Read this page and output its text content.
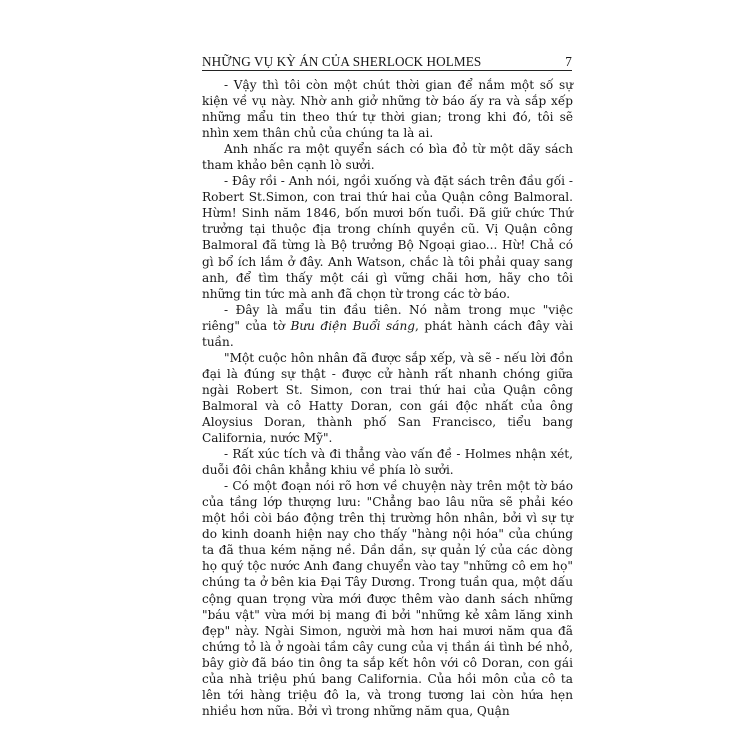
NHỮNG VỤ KỲ ÁN CỦA SHERLOCK HOLMES	7

- Vậy thì tôi còn một chút thời gian để nắm một số sự kiện về vụ này. Nhờ anh giở những tờ báo ấy ra và sắp xếp những mẩu tin theo thứ tự thời gian; trong khi đó, tôi sẽ nhìn xem thân chủ của chúng ta là ai.

Anh nhấc ra một quyển sách có bìa đỏ từ một dãy sách tham khảo bên cạnh lò sưởi.

- Đây rồi - Anh nói, ngồi xuống và đặt sách trên đầu gối - Robert St.Simon, con trai thứ hai của Quận công Balmoral. Hừm! Sinh năm 1846, bốn mươi bốn tuổi. Đã giữ chức Thứ trưởng tại thuộc địa trong chính quyền cũ. Vị Quận công Balmoral đã từng là Bộ trưởng Bộ Ngoại giao... Hừ! Chả có gì bổ ích lắm ở đây. Anh Watson, chắc là tôi phải quay sang anh, để tìm thấy một cái gì vững chãi hơn, hãy cho tôi những tin tức mà anh đã chọn từ trong các tờ báo.

- Đây là mẩu tin đầu tiên. Nó nằm trong mục "việc riêng" của tờ Bưu điện Buổi sáng, phát hành cách đây vài tuần.

"Một cuộc hôn nhân đã được sắp xếp, và sẽ - nếu lời đồn đại là đúng sự thật - được cử hành rất nhanh chóng giữa ngài Robert St. Simon, con trai thứ hai của Quận công Balmoral và cô Hatty Doran, con gái độc nhất của ông Aloysius Doran, thành phố San Francisco, tiểu bang California, nước Mỹ".

- Rất xúc tích và đi thẳng vào vấn đề - Holmes nhận xét, duỗi đôi chân khẳng khiu về phía lò sưởi.

- Có một đoạn nói rõ hơn về chuyện này trên một tờ báo của tầng lớp thượng lưu: "Chẳng bao lâu nữa sẽ phải kéo một hồi còi báo động trên thị trường hôn nhân, bởi vì sự tự do kinh doanh hiện nay cho thấy "hàng nội hóa" của chúng ta đã thua kém nặng nề. Dần dần, sự quản lý của các dòng họ quý tộc nước Anh đang chuyển vào tay "những cô em họ" chúng ta ở bên kia Đại Tây Dương. Trong tuần qua, một dấu cộng quan trọng vừa mới được thêm vào danh sách những "báu vật" vừa mới bị mang đi bởi "những kẻ xâm lăng xinh đẹp" này. Ngài Simon, người mà hơn hai mươi năm qua đã chứng tỏ là ở ngoài tầm cây cung của vị thần ái tình bé nhỏ, bây giờ đã báo tin ông ta sắp kết hôn với cô Doran, con gái của nhà triệu phú bang California. Của hồi môn của cô ta lên tới hàng triệu đô la, và trong tương lai còn hứa hẹn nhiều hơn nữa. Bởi vì trong những năm qua, Quận
